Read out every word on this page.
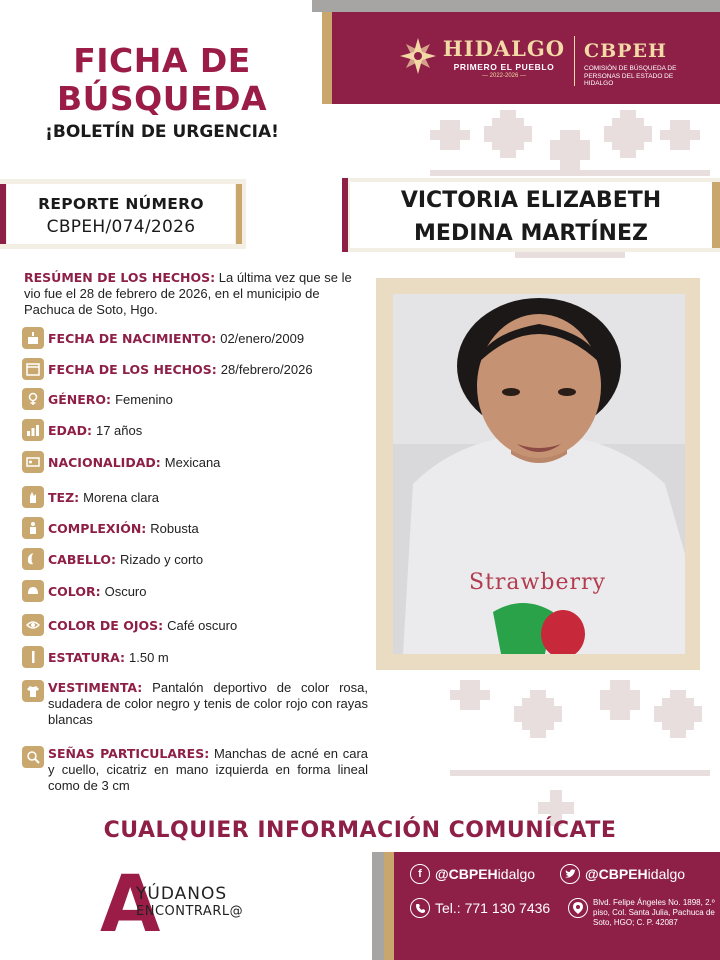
FICHA DE
BÚSQUEDA
¡BOLETÍN DE URGENCIA!
HIDALGO
PRIMERO EL PUEBLO
— 2022-2026 —
CBPEH
COMISIÓN DE BÚSQUEDA DE PERSONAS DEL ESTADO DE HIDALGO
REPORTE NÚMERO
CBPEH/074/2026
VICTORIA ELIZABETH
MEDINA MARTÍNEZ
Strawberry
RESÚMEN DE LOS HECHOS: La última vez que se le vio fue el 28 de febrero de 2026, en el municipio de Pachuca de Soto, Hgo.
FECHA DE NACIMIENTO: 02/enero/2009
FECHA DE LOS HECHOS: 28/febrero/2026
GÉNERO: Femenino
EDAD: 17 años
NACIONALIDAD: Mexicana
TEZ: Morena clara
COMPLEXIÓN: Robusta
CABELLO: Rizado y corto
COLOR: Oscuro
COLOR DE OJOS: Café oscuro
ESTATURA: 1.50 m
VESTIMENTA: Pantalón deportivo de color rosa, sudadera de color negro y tenis de color rojo con rayas blancas
SEÑAS PARTICULARES: Manchas de acné en cara y cuello, cicatriz en mano izquierda en forma lineal como de 3 cm
CUALQUIER INFORMACIÓN COMUNÍCATE
A
YÚDANOS
ENCONTRARL@
f @CBPEHidalgo	@CBPEHidalgo
Tel.: 771 130 7436	Blvd. Felipe Ángeles No. 1898, 2.º piso, Col. Santa Julia, Pachuca de Soto, HGO; C. P. 42087
